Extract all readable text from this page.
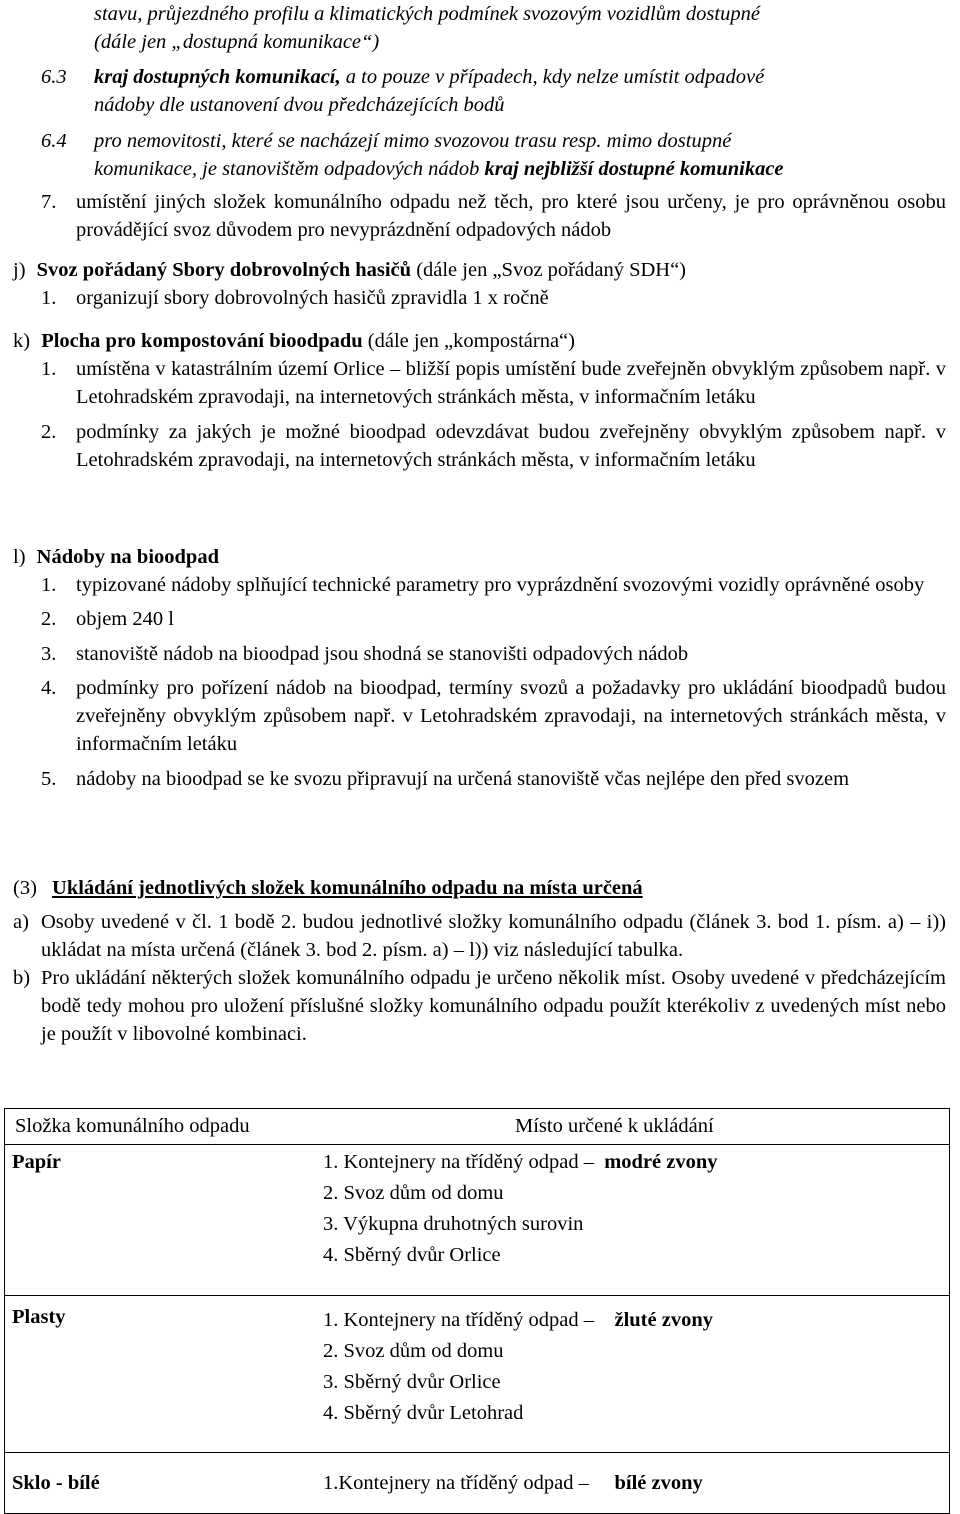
stavu, průjezdného profilu a klimatických podmínek svozovým vozidlům dostupné
(dále jen „dostupná komunikace“)
6.3 kraj dostupných komunikací, a to pouze v případech, kdy nelze umístit odpadové
nádoby dle ustanovení dvou předcházejících bodů
6.4 pro nemovitosti, které se nacházejí mimo svozovou trasu resp. mimo dostupné
komunikace, je stanovištěm odpadových nádob kraj nejbližší dostupné komunikace
7. umístění jiných složek komunálního odpadu než těch, pro které jsou určeny, je pro oprávněnou osobu provádějící svoz důvodem pro nevyprázdnění odpadových nádob
j) Svoz pořádaný Sbory dobrovolných hasičů (dále jen „Svoz pořádaný SDH“)
1. organizují sbory dobrovolných hasičů zpravidla 1 x ročně
k) Plocha pro kompostování bioodpadu (dále jen „kompostárna“)
1. umístěna v katastrálním území Orlice – bližší popis umístění bude zveřejněn obvyklým způsobem např. v Letohradském zpravodaji, na internetových stránkách města, v informačním letáku
2. podmínky za jakých je možné bioodpad odevzdávat budou zveřejněny obvyklým způsobem např. v Letohradském zpravodaji, na internetových stránkách města, v informačním letáku
l) Nádoby na bioodpad
1. typizované nádoby splňující technické parametry pro vyprázdnění svozovými vozidly oprávněné osoby
2. objem 240 l
3. stanoviště nádob na bioodpad jsou shodná se stanovišti odpadových nádob
4. podmínky pro pořízení nádob na bioodpad, termíny svozů a požadavky pro ukládání bioodpadů budou zveřejněny obvyklým způsobem např. v Letohradském zpravodaji, na internetových stránkách města, v informačním letáku
5. nádoby na bioodpad se ke svozu připravují na určená stanoviště včas nejlépe den před svozem
(3) Ukládání jednotlivých složek komunálního odpadu na místa určená
a) Osoby uvedené v čl. 1 bodě 2. budou jednotlivé složky komunálního odpadu (článek 3. bod 1. písm. a) – i)) ukládat na místa určená (článek 3. bod 2. písm. a) – l)) viz následující tabulka.
b) Pro ukládání některých složek komunálního odpadu je určeno několik míst. Osoby uvedené v předcházejícím bodě tedy mohou pro uložení příslušné složky komunálního odpadu použít kterékoliv z uvedených míst nebo je použít v libovolné kombinaci.
Složka komunálního odpadu	Místo určené k ukládání

Papír	1. Kontejnery na tříděný odpad – modré zvony
2. Svoz dům od domu
3. Výkupna druhotných surovin
4. Sběrný dvůr Orlice

Plasty	1. Kontejnery na tříděný odpad – žluté zvony
2. Svoz dům od domu
3. Sběrný dvůr Orlice
4. Sběrný dvůr Letohrad

Sklo - bílé	1.Kontejnery na tříděný odpad – bílé zvony
